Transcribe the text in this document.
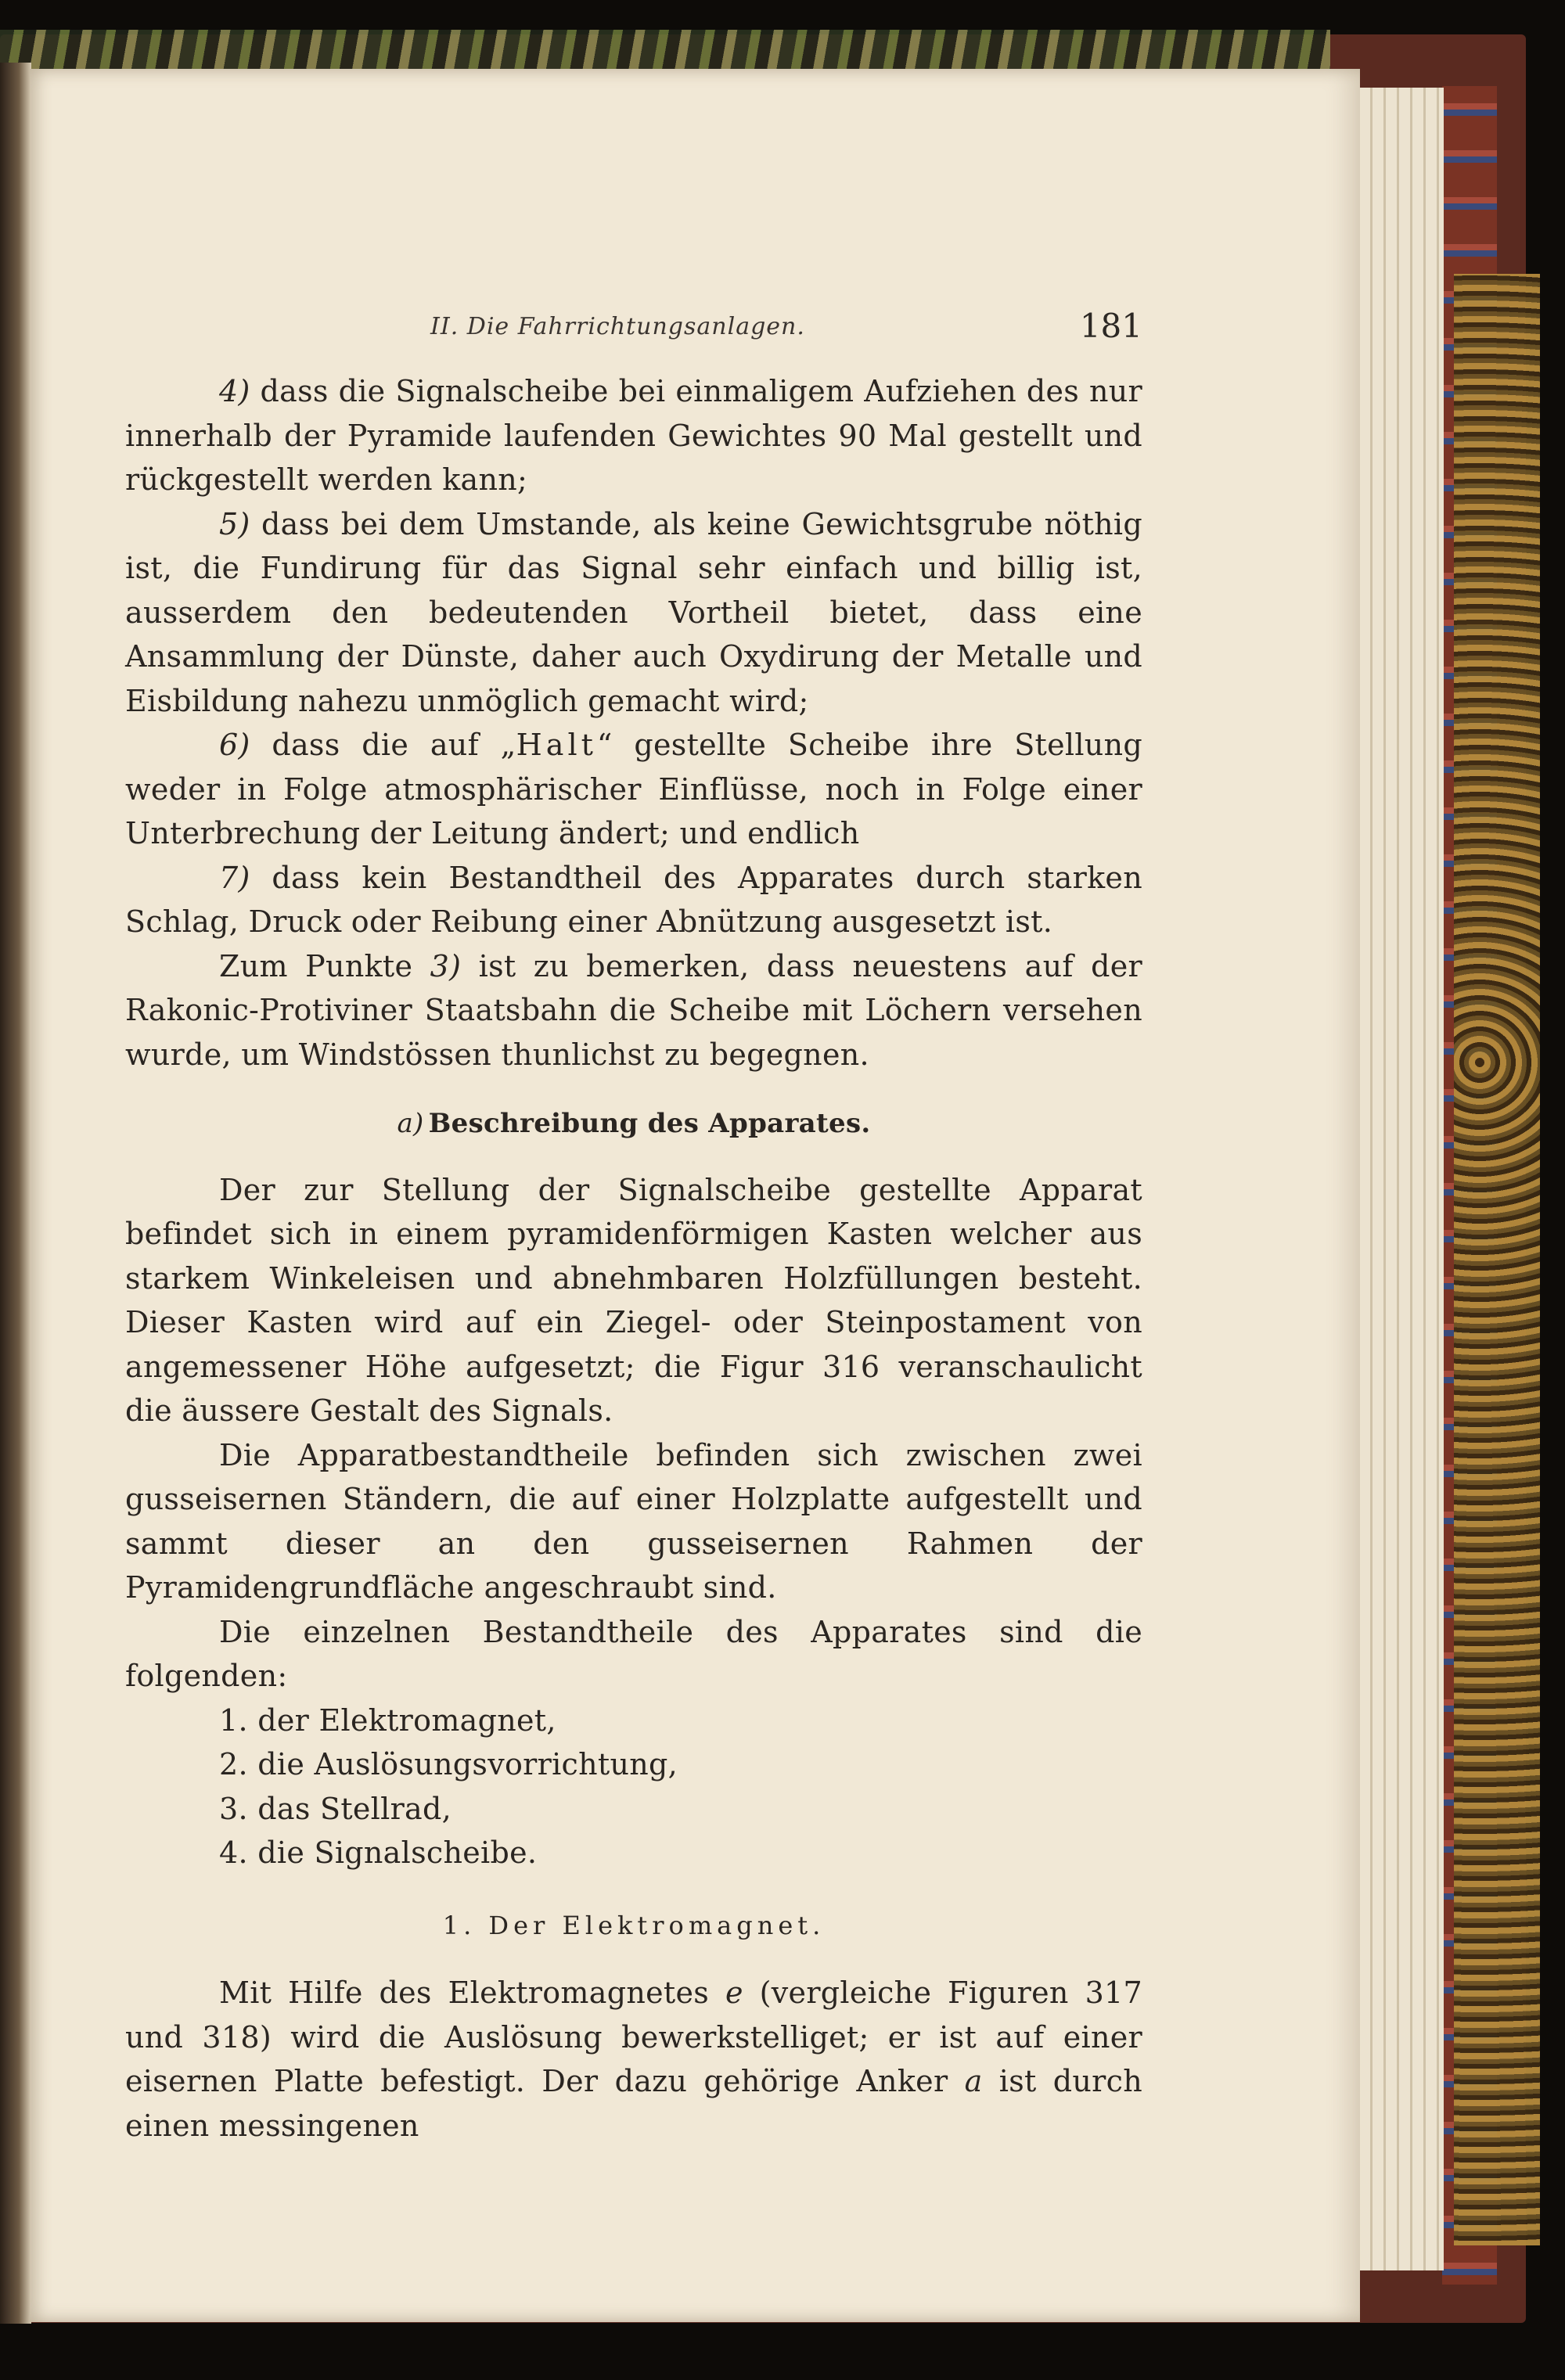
II. Die Fahrrichtungsanlagen.	181

4) dass die Signalscheibe bei einmaligem Aufziehen des nur innerhalb der Pyramide laufenden Gewichtes 90 Mal gestellt und rückgestellt werden kann;

5) dass bei dem Umstande, als keine Gewichtsgrube nöthig ist, die Fundirung für das Signal sehr einfach und billig ist, ausserdem den bedeutenden Vortheil bietet, dass eine Ansammlung der Dünste, daher auch Oxydirung der Metalle und Eisbildung nahezu unmöglich gemacht wird;

6) dass die auf „Halt“ gestellte Scheibe ihre Stellung weder in Folge atmosphärischer Einflüsse, noch in Folge einer Unterbrechung der Leitung ändert; und endlich

7) dass kein Bestandtheil des Apparates durch starken Schlag, Druck oder Reibung einer Abnützung ausgesetzt ist.

Zum Punkte 3) ist zu bemerken, dass neuestens auf der Rakonic-Protiviner Staatsbahn die Scheibe mit Löchern versehen wurde, um Windstössen thunlichst zu begegnen.

a) Beschreibung des Apparates.

Der zur Stellung der Signalscheibe gestellte Apparat befindet sich in einem pyramidenförmigen Kasten welcher aus starkem Winkeleisen und abnehmbaren Holzfüllungen besteht. Dieser Kasten wird auf ein Ziegel- oder Steinpostament von angemessener Höhe aufgesetzt; die Figur 316 veranschaulicht die äussere Gestalt des Signals.

Die Apparatbestandtheile befinden sich zwischen zwei gusseisernen Ständern, die auf einer Holzplatte aufgestellt und sammt dieser an den gusseisernen Rahmen der Pyramidengrundfläche angeschraubt sind.

Die einzelnen Bestandtheile des Apparates sind die folgenden:

1. der Elektromagnet,

2. die Auslösungsvorrichtung,

3. das Stellrad,

4. die Signalscheibe.

1. Der Elektromagnet.

Mit Hilfe des Elektromagnetes e (vergleiche Figuren 317 und 318) wird die Auslösung bewerkstelliget; er ist auf einer eisernen Platte befestigt. Der dazu gehörige Anker a ist durch einen messingenen
